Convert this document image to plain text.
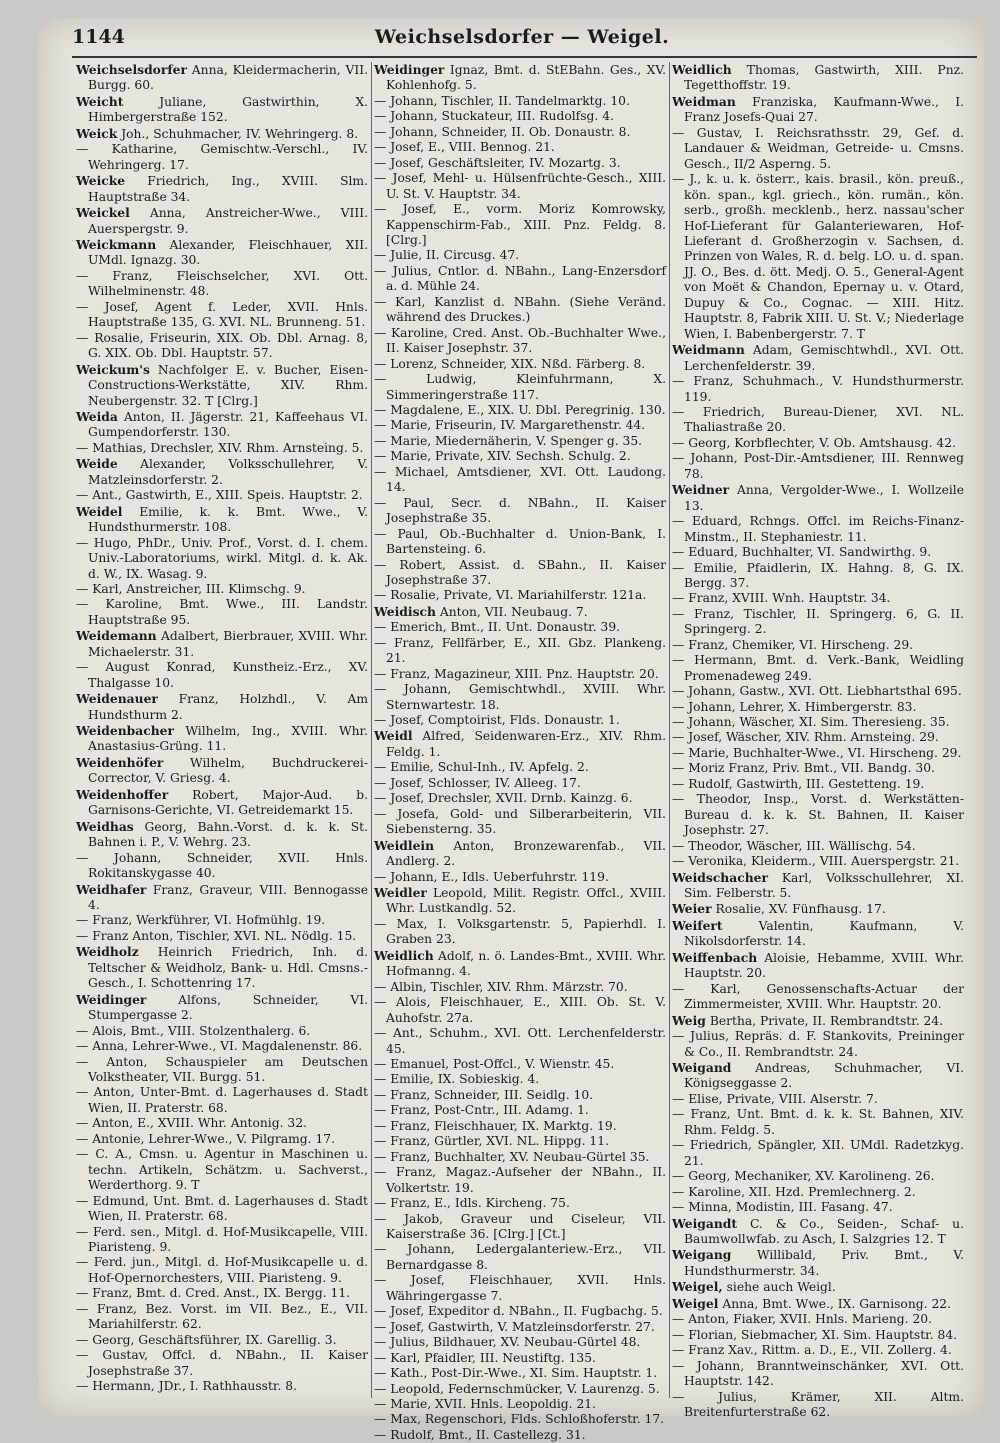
1144	Weichselsdorfer — Weigel.
Weichselsdorfer Anna, Kleidermacherin, VII. Burgg. 60.
Weicht Juliane, Gastwirthin, X. Himbergerstraße 152.
Weick Joh., Schuhmacher, IV. Wehringerg. 8.
— Katharine, Gemischtw.-Verschl., IV. Wehringerg. 17.
Weicke Friedrich, Ing., XVIII. Slm. Hauptstraße 34.
Weickel Anna, Anstreicher-Wwe., VIII. Auerspergstr. 9.
Weickmann Alexander, Fleischhauer, XII. UMdl. Ignazg. 30.
— Franz, Fleischselcher, XVI. Ott. Wilhelminenstr. 48.
— Josef, Agent f. Leder, XVII. Hnls. Hauptstraße 135, G. XVI. NL. Brunneng. 51.
— Rosalie, Friseurin, XIX. Ob. Dbl. Arnag. 8, G. XIX. Ob. Dbl. Hauptstr. 57.
Weickum's Nachfolger E. v. Bucher, Eisen-Constructions-Werkstätte, XIV. Rhm. Neubergenstr. 32. T [Clrg.]
Weida Anton, II. Jägerstr. 21, Kaffeehaus VI. Gumpendorferstr. 130.
— Mathias, Drechsler, XIV. Rhm. Arnsteing. 5.
Weide Alexander, Volksschullehrer, V. Matzleinsdorferstr. 2.
— Ant., Gastwirth, E., XIII. Speis. Hauptstr. 2.
Weidel Emilie, k. k. Bmt. Wwe., V. Hundsthurmerstr. 108.
— Hugo, PhDr., Univ. Prof., Vorst. d. I. chem. Univ.-Laboratoriums, wirkl. Mitgl. d. k. Ak. d. W., IX. Wasag. 9.
— Karl, Anstreicher, III. Klimschg. 9.
— Karoline, Bmt. Wwe., III. Landstr. Hauptstraße 95.
Weidemann Adalbert, Bierbrauer, XVIII. Whr. Michaelerstr. 31.
— August Konrad, Kunstheiz.-Erz., XV. Thalgasse 10.
Weidenauer Franz, Holzhdl., V. Am Hundsthurm 2.
Weidenbacher Wilhelm, Ing., XVIII. Whr. Anastasius-Grüng. 11.
Weidenhöfer Wilhelm, Buchdruckerei-Corrector, V. Griesg. 4.
Weidenhoffer Robert, Major-Aud. b. Garnisons-Gerichte, VI. Getreidemarkt 15.
Weidhas Georg, Bahn.-Vorst. d. k. k. St. Bahnen i. P., V. Wehrg. 23.
— Johann, Schneider, XVII. Hnls. Rokitanskygasse 40.
Weidhafer Franz, Graveur, VIII. Bennogasse 4.
— Franz, Werkführer, VI. Hofmühlg. 19.
— Franz Anton, Tischler, XVI. NL. Nödlg. 15.
Weidholz Heinrich Friedrich, Inh. d. Teltscher & Weidholz, Bank- u. Hdl. Cmsns.-Gesch., I. Schottenring 17.
Weidinger Alfons, Schneider, VI. Stumpergasse 2.
— Alois, Bmt., VIII. Stolzenthalerg. 6.
— Anna, Lehrer-Wwe., VI. Magdalenenstr. 86.
— Anton, Schauspieler am Deutschen Volkstheater, VII. Burgg. 51.
— Anton, Unter-Bmt. d. Lagerhauses d. Stadt Wien, II. Praterstr. 68.
— Anton, E., XVIII. Whr. Antonig. 32.
— Antonie, Lehrer-Wwe., V. Pilgramg. 17.
— C. A., Cmsn. u. Agentur in Maschinen u. techn. Artikeln, Schätzm. u. Sachverst., Werderthorg. 9. T
— Edmund, Unt. Bmt. d. Lagerhauses d. Stadt Wien, II. Praterstr. 68.
— Ferd. sen., Mitgl. d. Hof-Musikcapelle, VIII. Piaristeng. 9.
— Ferd. jun., Mitgl. d. Hof-Musikcapelle u. d. Hof-Opernorchesters, VIII. Piaristeng. 9.
— Franz, Bmt. d. Cred. Anst., IX. Bergg. 11.
— Franz, Bez. Vorst. im VII. Bez., E., VII. Mariahilferstr. 62.
— Georg, Geschäftsführer, IX. Garellig. 3.
— Gustav, Offcl. d. NBahn., II. Kaiser Josephstraße 37.
— Hermann, JDr., I. Rathhausstr. 8.
Weidinger Ignaz, Bmt. d. StEBahn. Ges., XV. Kohlenhofg. 5.
— Johann, Tischler, II. Tandelmarktg. 10.
— Johann, Stuckateur, III. Rudolfsg. 4.
— Johann, Schneider, II. Ob. Donaustr. 8.
— Josef, E., VIII. Bennog. 21.
— Josef, Geschäftsleiter, IV. Mozartg. 3.
— Josef, Mehl- u. Hülsenfrüchte-Gesch., XIII. U. St. V. Hauptstr. 34.
— Josef, E., vorm. Moriz Komrowsky, Kappenschirm-Fab., XIII. Pnz. Feldg. 8. [Clrg.]
— Julie, II. Circusg. 47.
— Julius, Cntlor. d. NBahn., Lang-Enzersdorf a. d. Mühle 24.
— Karl, Kanzlist d. NBahn. (Siehe Veränd. während des Druckes.)
— Karoline, Cred. Anst. Ob.-Buchhalter Wwe., II. Kaiser Josephstr. 37.
— Lorenz, Schneider, XIX. Nßd. Färberg. 8.
— Ludwig, Kleinfuhrmann, X. Simmeringerstraße 117.
— Magdalene, E., XIX. U. Dbl. Peregrinig. 130.
— Marie, Friseurin, IV. Margarethenstr. 44.
— Marie, Miedernäherin, V. Spenger g. 35.
— Marie, Private, XIV. Sechsh. Schulg. 2.
— Michael, Amtsdiener, XVI. Ott. Laudong. 14.
— Paul, Secr. d. NBahn., II. Kaiser Josephstraße 35.
— Paul, Ob.-Buchhalter d. Union-Bank, I. Bartensteing. 6.
— Robert, Assist. d. SBahn., II. Kaiser Josephstraße 37.
— Rosalie, Private, VI. Mariahilferstr. 121a.
Weidisch Anton, VII. Neubaug. 7.
— Emerich, Bmt., II. Unt. Donaustr. 39.
— Franz, Fellfärber, E., XII. Gbz. Plankeng. 21.
— Franz, Magazineur, XIII. Pnz. Hauptstr. 20.
— Johann, Gemischtwhdl., XVIII. Whr. Sternwartestr. 18.
— Josef, Comptoirist, Flds. Donaustr. 1.
Weidl Alfred, Seidenwaren-Erz., XIV. Rhm. Feldg. 1.
— Emilie, Schul-Inh., IV. Apfelg. 2.
— Josef, Schlosser, IV. Alleeg. 17.
— Josef, Drechsler, XVII. Drnb. Kainzg. 6.
— Josefa, Gold- und Silberarbeiterin, VII. Siebensterng. 35.
Weidlein Anton, Bronzewarenfab., VII. Andlerg. 2.
— Johann, E., Idls. Ueberfuhrstr. 119.
Weidler Leopold, Milit. Registr. Offcl., XVIII. Whr. Lustkandlg. 52.
— Max, I. Volksgartenstr. 5, Papierhdl. I. Graben 23.
Weidlich Adolf, n. ö. Landes-Bmt., XVIII. Whr. Hofmanng. 4.
— Albin, Tischler, XIV. Rhm. Märzstr. 70.
— Alois, Fleischhauer, E., XIII. Ob. St. V. Auhofstr. 27a.
— Ant., Schuhm., XVI. Ott. Lerchenfelderstr. 45.
— Emanuel, Post-Offcl., V. Wienstr. 45.
— Emilie, IX. Sobieskig. 4.
— Franz, Schneider, III. Seidlg. 10.
— Franz, Post-Cntr., III. Adamg. 1.
— Franz, Fleischhauer, IX. Marktg. 19.
— Franz, Gürtler, XVI. NL. Hippg. 11.
— Franz, Buchhalter, XV. Neubau-Gürtel 35.
— Franz, Magaz.-Aufseher der NBahn., II. Volkertstr. 19.
— Franz, E., Idls. Kircheng. 75.
— Jakob, Graveur und Ciseleur, VII. Kaiserstraße 36. [Clrg.] [Ct.]
— Johann, Ledergalanteriew.-Erz., VII. Bernardgasse 8.
— Josef, Fleischhauer, XVII. Hnls. Währingergasse 7.
— Josef, Expeditor d. NBahn., II. Fugbachg. 5.
— Josef, Gastwirth, V. Matzleinsdorferstr. 27.
— Julius, Bildhauer, XV. Neubau-Gürtel 48.
— Karl, Pfaidler, III. Neustiftg. 135.
— Kath., Post-Dir.-Wwe., XI. Sim. Hauptstr. 1.
— Leopold, Federnschmücker, V. Laurenzg. 5.
— Marie, XVII. Hnls. Leopoldig. 21.
— Max, Regenschori, Flds. Schloßhoferstr. 17.
— Rudolf, Bmt., II. Castellezg. 31.
Weidlich Thomas, Gastwirth, XIII. Pnz. Tegetthoffstr. 19.
Weidman Franziska, Kaufmann-Wwe., I. Franz Josefs-Quai 27.
— Gustav, I. Reichsrathsstr. 29, Gef. d. Landauer & Weidman, Getreide- u. Cmsns. Gesch., II/2 Asperng. 5.
— J., k. u. k. österr., kais. brasil., kön. preuß., kön. span., kgl. griech., kön. rumän., kön. serb., großh. mecklenb., herz. nassau'scher Hof-Lieferant für Galanteriewaren, Hof-Lieferant d. Großherzogin v. Sachsen, d. Prinzen von Wales, R. d. belg. LO. u. d. span. JJ. O., Bes. d. ött. Medj. O. 5., General-Agent von Moët & Chandon, Epernay u. v. Otard, Dupuy & Co., Cognac. — XIII. Hitz. Hauptstr. 8, Fabrik XIII. U. St. V.; Niederlage Wien, I. Babenbergerstr. 7. T
Weidmann Adam, Gemischtwhdl., XVI. Ott. Lerchenfelderstr. 39.
— Franz, Schuhmach., V. Hundsthurmerstr. 119.
— Friedrich, Bureau-Diener, XVI. NL. Thaliastraße 20.
— Georg, Korbflechter, V. Ob. Amtshausg. 42.
— Johann, Post-Dir.-Amtsdiener, III. Rennweg 78.
Weidner Anna, Vergolder-Wwe., I. Wollzeile 13.
— Eduard, Rchngs. Offcl. im Reichs-Finanz-Minstm., II. Stephaniestr. 11.
— Eduard, Buchhalter, VI. Sandwirthg. 9.
— Emilie, Pfaidlerin, IX. Hahng. 8, G. IX. Bergg. 37.
— Franz, XVIII. Wnh. Hauptstr. 34.
— Franz, Tischler, II. Springerg. 6, G. II. Springerg. 2.
— Franz, Chemiker, VI. Hirscheng. 29.
— Hermann, Bmt. d. Verk.-Bank, Weidling Promenadeweg 249.
— Johann, Gastw., XVI. Ott. Liebhartsthal 695.
— Johann, Lehrer, X. Himbergerstr. 83.
— Johann, Wäscher, XI. Sim. Theresieng. 35.
— Josef, Wäscher, XIV. Rhm. Arnsteing. 29.
— Marie, Buchhalter-Wwe., VI. Hirscheng. 29.
— Moriz Franz, Priv. Bmt., VII. Bandg. 30.
— Rudolf, Gastwirth, III. Gestetteng. 19.
— Theodor, Insp., Vorst. d. Werkstätten-Bureau d. k. k. St. Bahnen, II. Kaiser Josephstr. 27.
— Theodor, Wäscher, III. Wällischg. 54.
— Veronika, Kleiderm., VIII. Auerspergstr. 21.
Weidschacher Karl, Volksschullehrer, XI. Sim. Felberstr. 5.
Weier Rosalie, XV. Fünfhausg. 17.
Weifert Valentin, Kaufmann, V. Nikolsdorferstr. 14.
Weiffenbach Aloisie, Hebamme, XVIII. Whr. Hauptstr. 20.
— Karl, Genossenschafts-Actuar der Zimmermeister, XVIII. Whr. Hauptstr. 20.
Weig Bertha, Private, II. Rembrandtstr. 24.
— Julius, Repräs. d. F. Stankovits, Preininger & Co., II. Rembrandtstr. 24.
Weigand Andreas, Schuhmacher, VI. Königseggasse 2.
— Elise, Private, VIII. Alserstr. 7.
— Franz, Unt. Bmt. d. k. k. St. Bahnen, XIV. Rhm. Feldg. 5.
— Friedrich, Spängler, XII. UMdl. Radetzkyg. 21.
— Georg, Mechaniker, XV. Karolineng. 26.
— Karoline, XII. Hzd. Premlechnerg. 2.
— Minna, Modistin, III. Fasang. 47.
Weigandt C. & Co., Seiden-, Schaf- u. Baumwollwfab. zu Asch, I. Salzgries 12. T
Weigang Willibald, Priv. Bmt., V. Hundsthurmerstr. 34.
Weigel, siehe auch Weigl.
Weigel Anna, Bmt. Wwe., IX. Garnisong. 22.
— Anton, Fiaker, XVII. Hnls. Marieng. 20.
— Florian, Siebmacher, XI. Sim. Hauptstr. 84.
— Franz Xav., Rittm. a. D., E., VII. Zollerg. 4.
— Johann, Branntweinschänker, XVI. Ott. Hauptstr. 142.
— Julius, Krämer, XII. Altm. Breitenfurterstraße 62.
